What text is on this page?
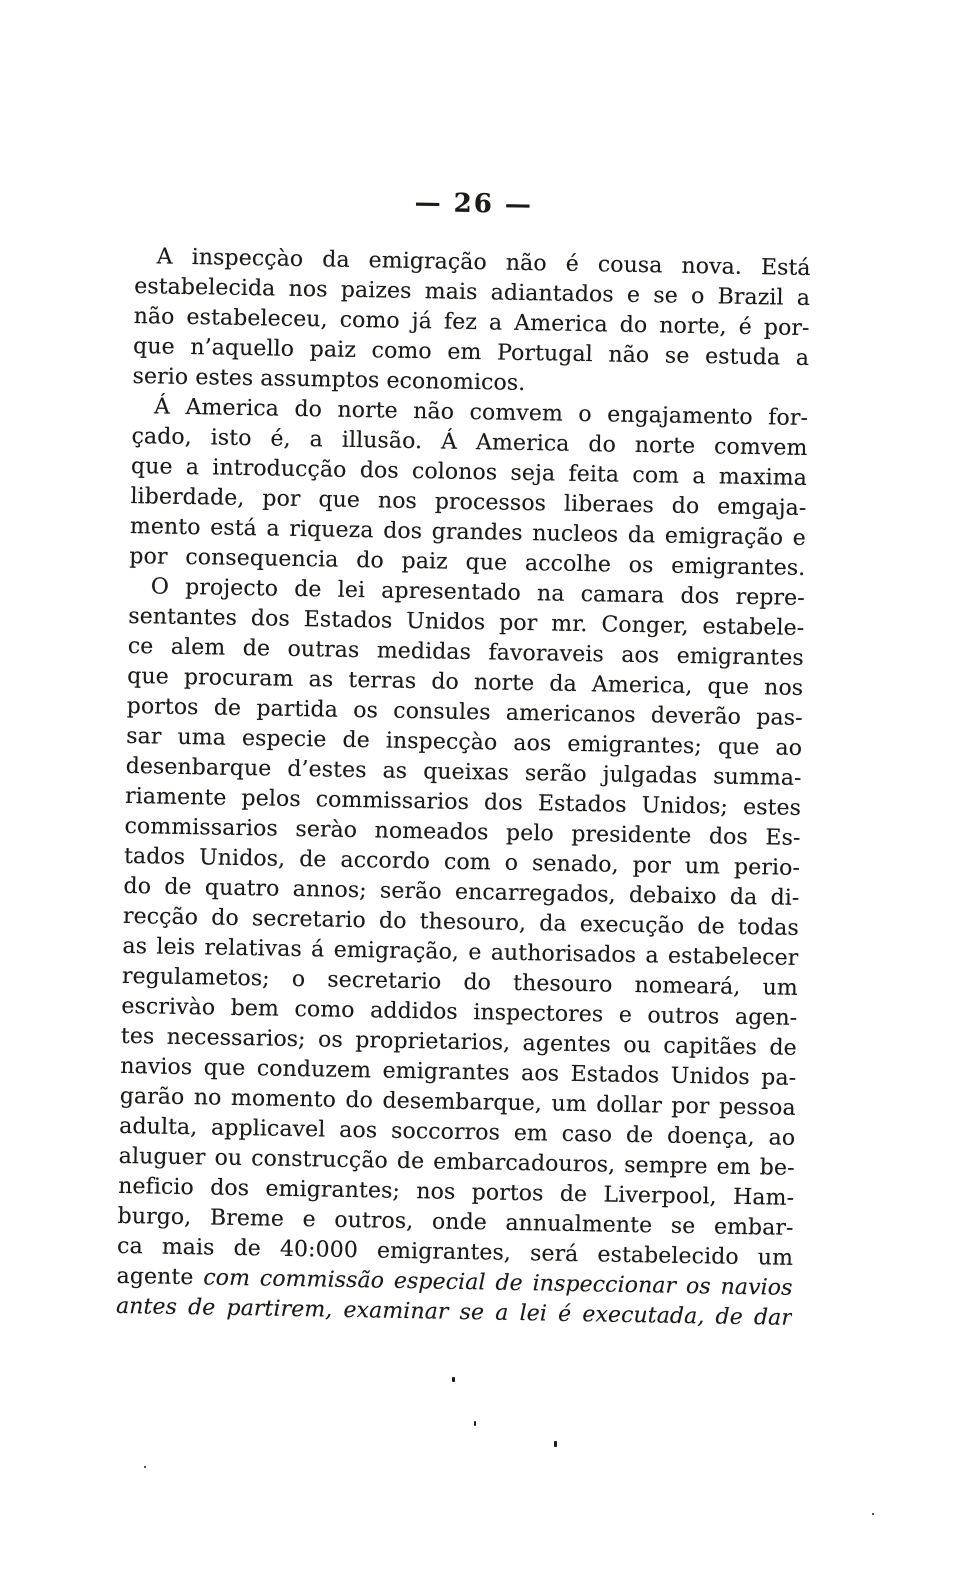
— 26 —
A inspecçào da emigração não é cousa nova. Está
estabelecida nos paizes mais adiantados e se o Brazil a
não estabeleceu, como já fez a America do norte, é por-
que n’aquello paiz como em Portugal não se estuda a
serio estes assumptos economicos.
Á America do norte não comvem o engajamento for-
çado, isto é, a illusão. Á America do norte comvem
que a introducção dos colonos seja feita com a maxima
liberdade, por que nos processos liberaes do emgaja-
mento está a riqueza dos grandes nucleos da emigração e
por consequencia do paiz que accolhe os emigrantes.
O projecto de lei apresentado na camara dos repre-
sentantes dos Estados Unidos por mr. Conger, estabele-
ce alem de outras medidas favoraveis aos emigrantes
que procuram as terras do norte da America, que nos
portos de partida os consules americanos deverão pas-
sar uma especie de inspecçào aos emigrantes; que ao
desenbarque d’estes as queixas serão julgadas summa-
riamente pelos commissarios dos Estados Unidos; estes
commissarios serào nomeados pelo presidente dos Es-
tados Unidos, de accordo com o senado, por um perio-
do de quatro annos; serão encarregados, debaixo da di-
recção do secretario do thesouro, da execução de todas
as leis relativas á emigração, e authorisados a estabelecer
regulametos; o secretario do thesouro nomeará, um
escrivào bem como addidos inspectores e outros agen-
tes necessarios; os proprietarios, agentes ou capitães de
navios que conduzem emigrantes aos Estados Unidos pa-
garão no momento do desembarque, um dollar por pessoa
adulta, applicavel aos soccorros em caso de doença, ao
aluguer ou construcção de embarcadouros, sempre em be-
neficio dos emigrantes; nos portos de Liverpool, Ham-
burgo, Breme e outros, onde annualmente se embar-
ca mais de 40:000 emigrantes, será estabelecido um
agente com commissão especial de inspeccionar os navios
antes de partirem, examinar se a lei é executada, de dar
